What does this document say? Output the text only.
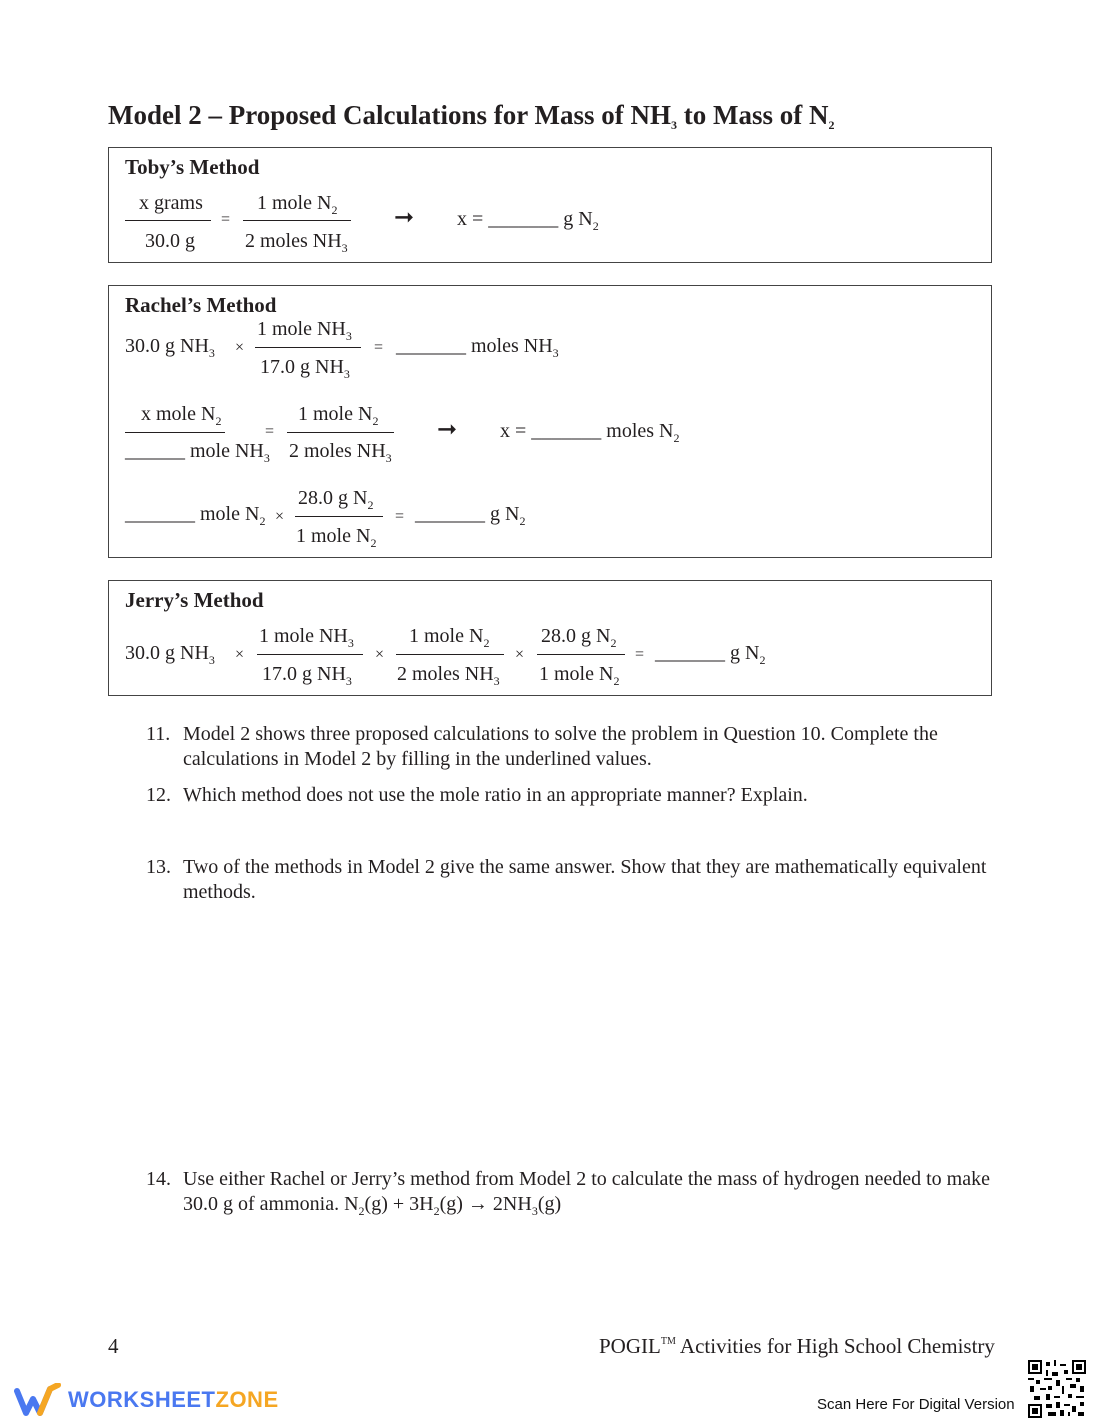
Model 2 – Proposed Calculations for Mass of $NH_3$ to Mass of $N_2$
Toby’s Method
x grams
30.0 g
=
1 mole $N_2$
2 moles $NH_3$
➞ x = _______ g $N_2$
Rachel’s Method
30.0 g $NH_3$ ×
1 mole $NH_3$
17.0 g $NH_3$
= _______ moles $NH_3$
x mole $N_2$
______ mole $NH_3$
=
1 mole $N_2$
2 moles $NH_3$
➞ x = _______ moles $N_2$
_______ mole $N_2$ ×
28.0 g $N_2$
1 mole $N_2$
= _______ g $N_2$
Jerry’s Method
30.0 g $NH_3$ ×
1 mole $NH_3$
17.0 g $NH_3$
×
1 mole $N_2$
2 moles $NH_3$
×
28.0 g $N_2$
1 mole $N_2$
= _______ g $N_2$
11. Model 2 shows three proposed calculations to solve the problem in Question 10. Complete the calculations in Model 2 by filling in the underlined values.
12. Which method does not use the mole ratio in an appropriate manner? Explain.
13. Two of the methods in Model 2 give the same answer. Show that they are mathematically equivalent methods.
14. Use either Rachel or Jerry’s method from Model 2 to calculate the mass of hydrogen needed to make 30.0 g of ammonia. $N_2(g) + 3H_2(g) \to 2NH_3(g)$
4	POGIL™ Activities for High School Chemistry
WORKSHEETZONE	Scan Here For Digital Version
